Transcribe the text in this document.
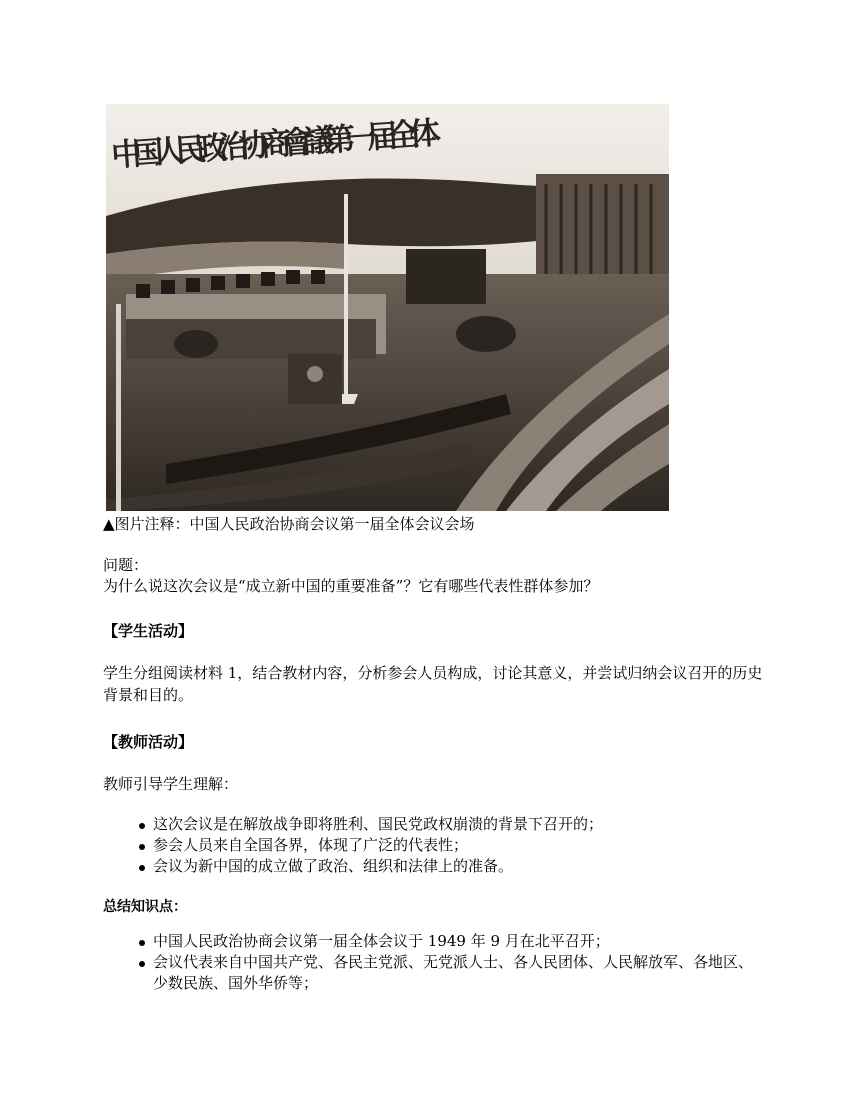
中国人民政治协商會議第一届全体
▲图片注释：中国人民政治协商会议第一届全体会议会场
问题：
为什么说这次会议是“成立新中国的重要准备”？它有哪些代表性群体参加？
【学生活动】
学生分组阅读材料 1，结合教材内容，分析参会人员构成，讨论其意义，并尝试归纳会议召开的历史背景和目的。
【教师活动】
教师引导学生理解：
这次会议是在解放战争即将胜利、国民党政权崩溃的背景下召开的；
参会人员来自全国各界，体现了广泛的代表性；
会议为新中国的成立做了政治、组织和法律上的准备。
总结知识点：
中国人民政治协商会议第一届全体会议于 1949 年 9 月在北平召开；
会议代表来自中国共产党、各民主党派、无党派人士、各人民团体、人民解放军、各地区、少数民族、国外华侨等；
